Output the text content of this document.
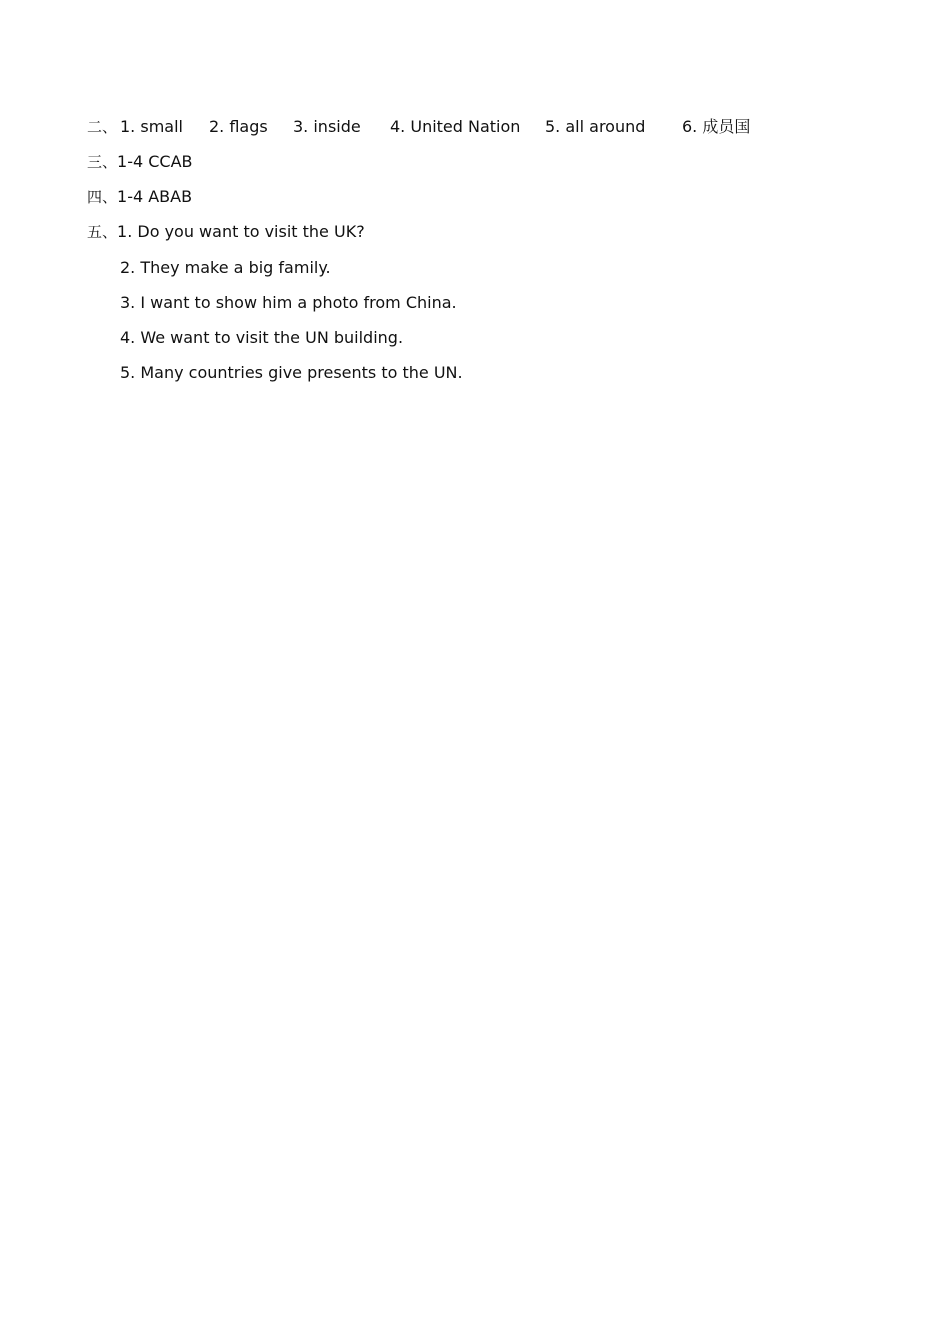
二、 1. small 2. flags 3. inside 4. United Nation 5. all around 6. 成员国
三、1-4 CCAB
四、1-4 ABAB
五、1. Do you want to visit the UK?
2. They make a big family.
3. I want to show him a photo from China.
4. We want to visit the UN building.
5. Many countries give presents to the UN.
